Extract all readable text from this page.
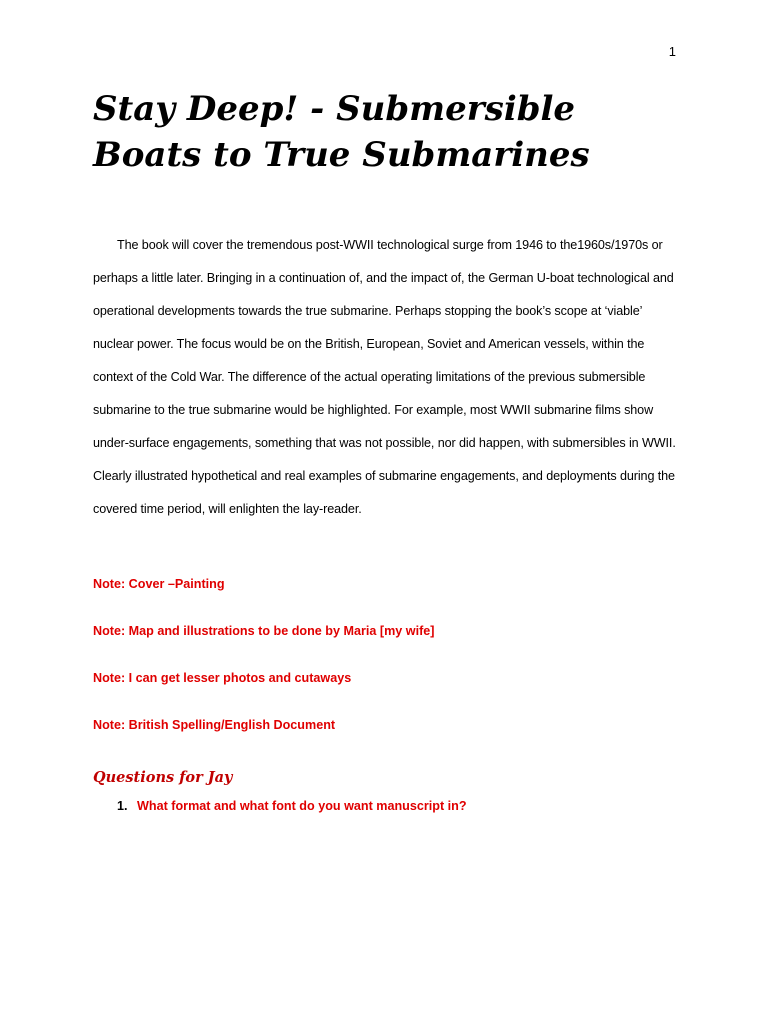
1
Stay Deep! - Submersible Boats to True Submarines

The book will cover the tremendous post-WWII technological surge from 1946 to the1960s/1970s or perhaps a little later. Bringing in a continuation of, and the impact of, the German U-boat technological and operational developments towards the true submarine. Perhaps stopping the book’s scope at ‘viable’ nuclear power. The focus would be on the British, European, Soviet and American vessels, within the context of the Cold War. The difference of the actual operating limitations of the previous submersible submarine to the true submarine would be highlighted. For example, most WWII submarine films show under-surface engagements, something that was not possible, nor did happen, with submersibles in WWII. Clearly illustrated hypothetical and real examples of submarine engagements, and deployments during the covered time period, will enlighten the lay-reader.

Note: Cover –Painting

Note: Map and illustrations to be done by Maria [my wife]

Note: I can get lesser photos and cutaways

Note: British Spelling/English Document

Questions for Jay
1. What format and what font do you want manuscript in?
